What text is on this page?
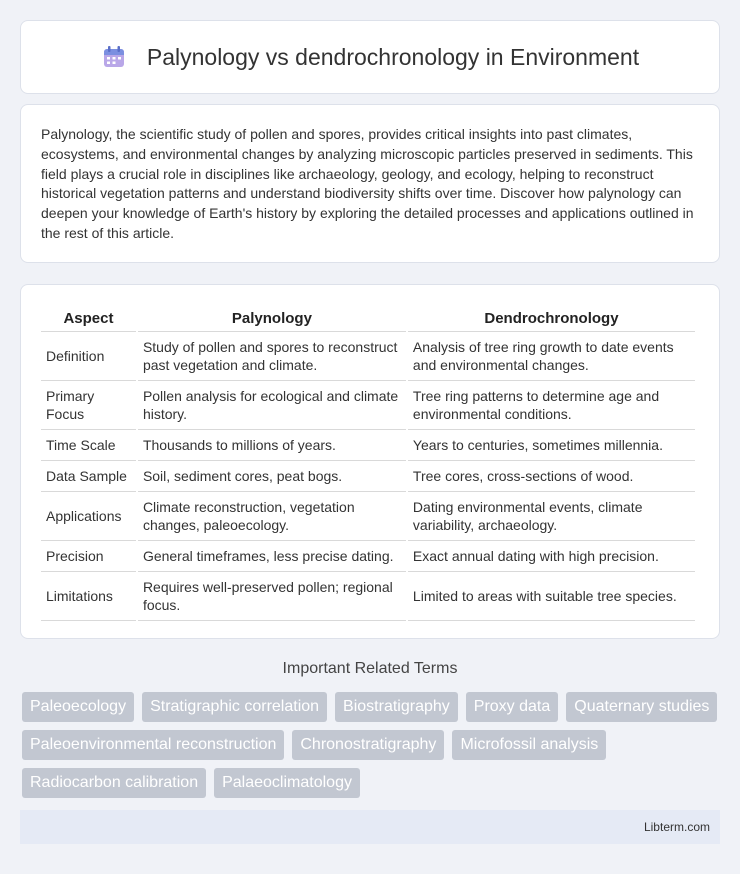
Palynology vs dendrochronology in Environment

Palynology, the scientific study of pollen and spores, provides critical insights into past climates, ecosystems, and environmental changes by analyzing microscopic particles preserved in sediments. This field plays a crucial role in disciplines like archaeology, geology, and ecology, helping to reconstruct historical vegetation patterns and understand biodiversity shifts over time. Discover how palynology can deepen your knowledge of Earth's history by exploring the detailed processes and applications outlined in the rest of this article.

Aspect	Palynology	Dendrochronology
Definition	Study of pollen and spores to reconstruct past vegetation and climate.	Analysis of tree ring growth to date events and environmental changes.
Primary Focus	Pollen analysis for ecological and climate history.	Tree ring patterns to determine age and environmental conditions.
Time Scale	Thousands to millions of years.	Years to centuries, sometimes millennia.
Data Sample	Soil, sediment cores, peat bogs.	Tree cores, cross-sections of wood.
Applications	Climate reconstruction, vegetation changes, paleoecology.	Dating environmental events, climate variability, archaeology.
Precision	General timeframes, less precise dating.	Exact annual dating with high precision.
Limitations	Requires well-preserved pollen; regional focus.	Limited to areas with suitable tree species.
Important Related Terms
Paleoecology	Stratigraphic correlation	Biostratigraphy	Proxy data	Quaternary studies
Paleoenvironmental reconstruction	Chronostratigraphy	Microfossil analysis
Radiocarbon calibration	Palaeoclimatology
Libterm.com
